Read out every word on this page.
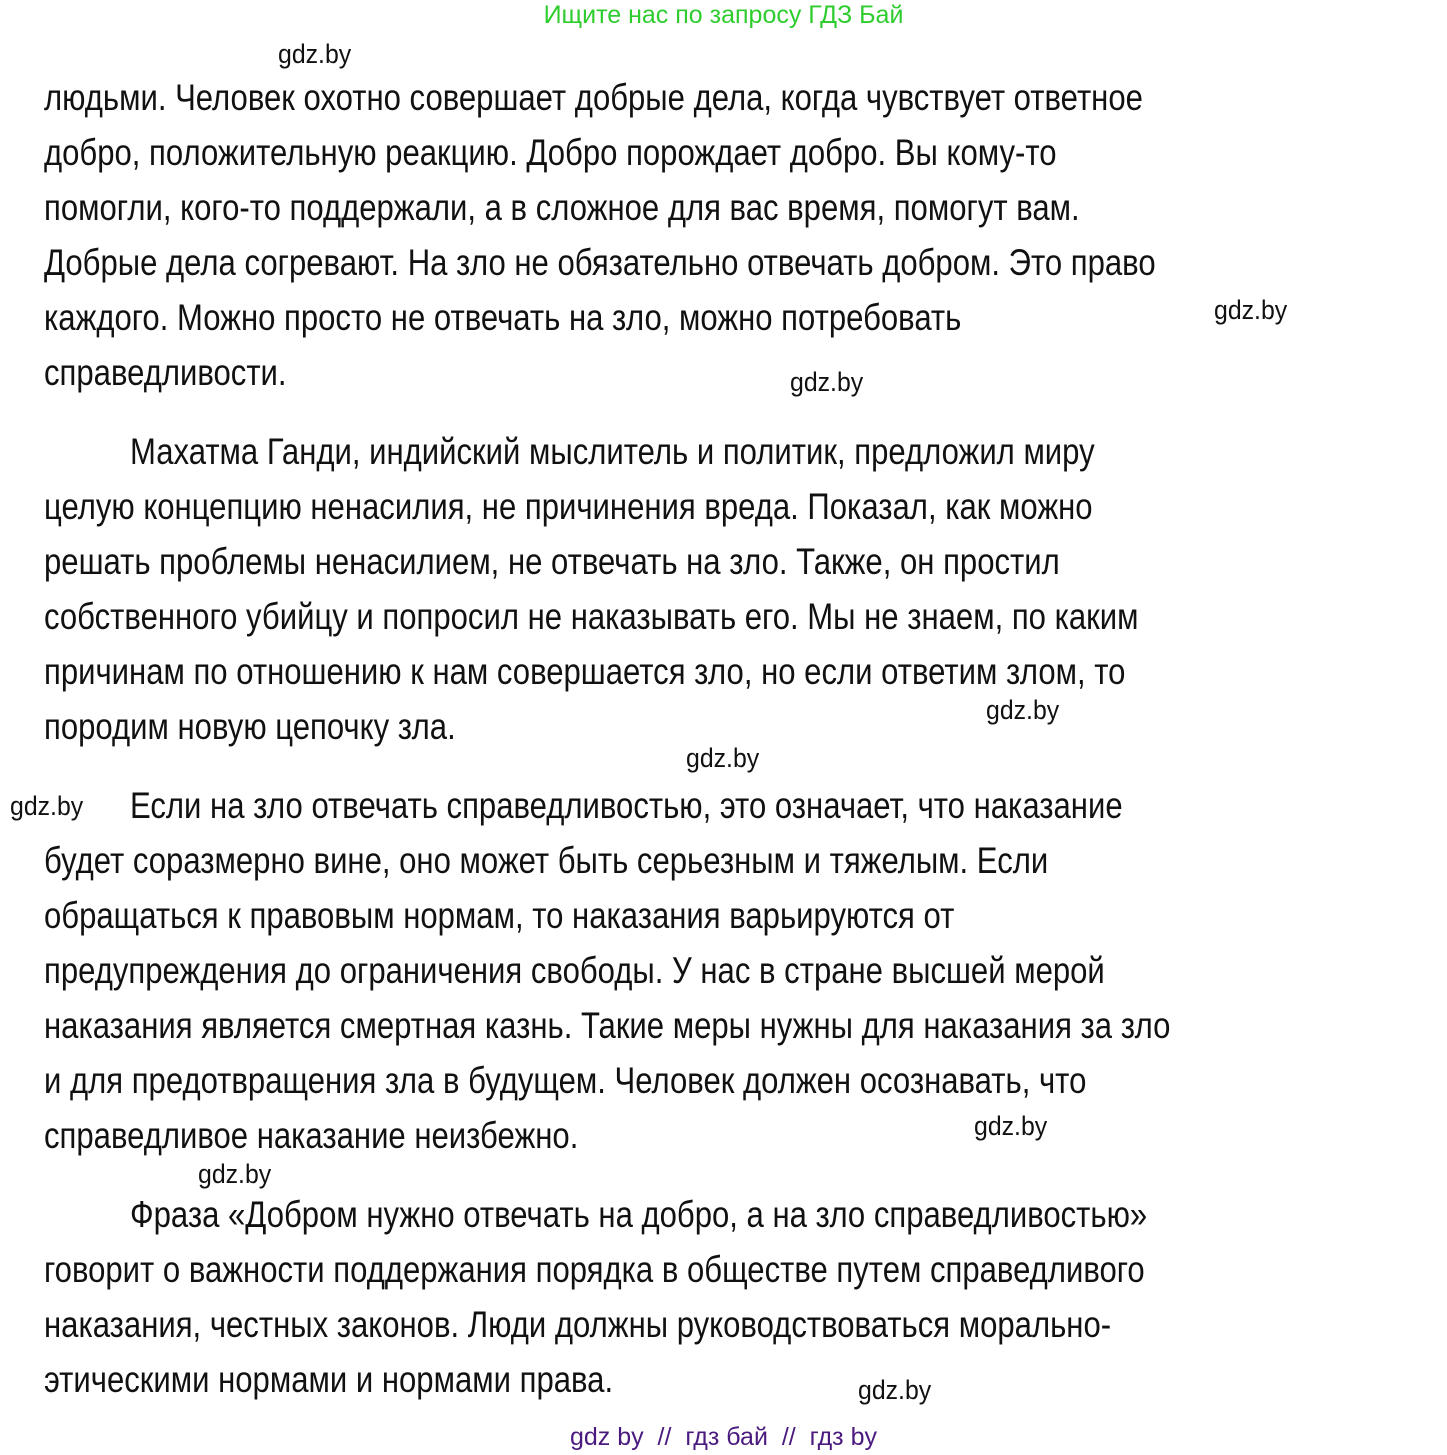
Ищите нас по запросу ГДЗ Бай
gdz.by
gdz.by
gdz.by
gdz.by
gdz.by
gdz.by
gdz.by
gdz.by
gdz.by
людьми. Человек охотно совершает добрые дела, когда чувствует ответное
добро, положительную реакцию. Добро порождает добро. Вы кому-то
помогли, кого-то поддержали, а в сложное для вас время, помогут вам.
Добрые дела согревают. На зло не обязательно отвечать добром. Это право
каждого. Можно просто не отвечать на зло, можно потребовать
справедливости.
Махатма Ганди, индийский мыслитель и политик, предложил миру
целую концепцию ненасилия, не причинения вреда. Показал, как можно
решать проблемы ненасилием, не отвечать на зло. Также, он простил
собственного убийцу и попросил не наказывать его. Мы не знаем, по каким
причинам по отношению к нам совершается зло, но если ответим злом, то
породим новую цепочку зла.
Если на зло отвечать справедливостью, это означает, что наказание
будет соразмерно вине, оно может быть серьезным и тяжелым. Если
обращаться к правовым нормам, то наказания варьируются от
предупреждения до ограничения свободы. У нас в стране высшей мерой
наказания является смертная казнь. Такие меры нужны для наказания за зло
и для предотвращения зла в будущем. Человек должен осознавать, что
справедливое наказание неизбежно.
Фраза «Добром нужно отвечать на добро, а на зло справедливостью»
говорит о важности поддержания порядка в обществе путем справедливого
наказания, честных законов. Люди должны руководствоваться морально-
этическими нормами и нормами права.
gdz by  //  гдз бай  //  гдз by
